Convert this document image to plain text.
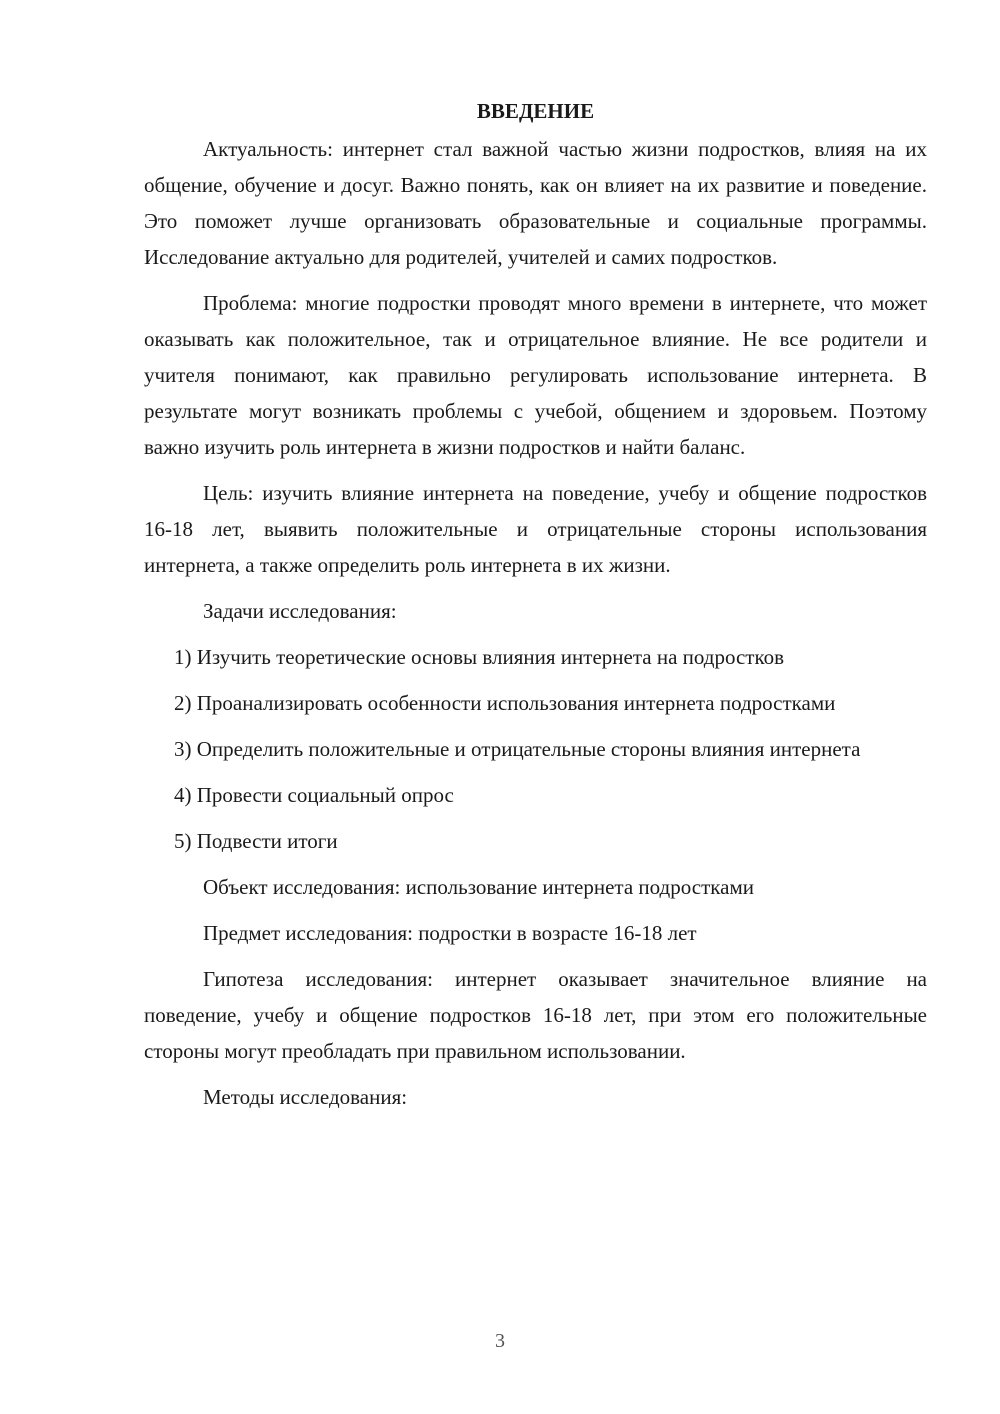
ВВЕДЕНИЕ

Актуальность: интернет стал важной частью жизни подростков, влияя на их общение, обучение и досуг. Важно понять, как он влияет на их развитие и поведение. Это поможет лучше организовать образовательные и социальные программы. Исследование актуально для родителей, учителей и самих подростков.

Проблема: многие подростки проводят много времени в интернете, что может оказывать как положительное, так и отрицательное влияние. Не все родители и учителя понимают, как правильно регулировать использование интернета. В результате могут возникать проблемы с учебой, общением и здоровьем. Поэтому важно изучить роль интернета в жизни подростков и найти баланс.

Цель: изучить влияние интернета на поведение, учебу и общение подростков 16-18 лет, выявить положительные и отрицательные стороны использования интернета, а также определить роль интернета в их жизни.

Задачи исследования:

1) Изучить теоретические основы влияния интернета на подростков

2) Проанализировать особенности использования интернета подростками

3) Определить положительные и отрицательные стороны влияния интернета

4) Провести социальный опрос

5) Подвести итоги

Объект исследования: использование интернета подростками

Предмет исследования: подростки в возрасте 16-18 лет

Гипотеза исследования: интернет оказывает значительное влияние на поведение, учебу и общение подростков 16-18 лет, при этом его положительные стороны могут преобладать при правильном использовании.

Методы исследования:

3
